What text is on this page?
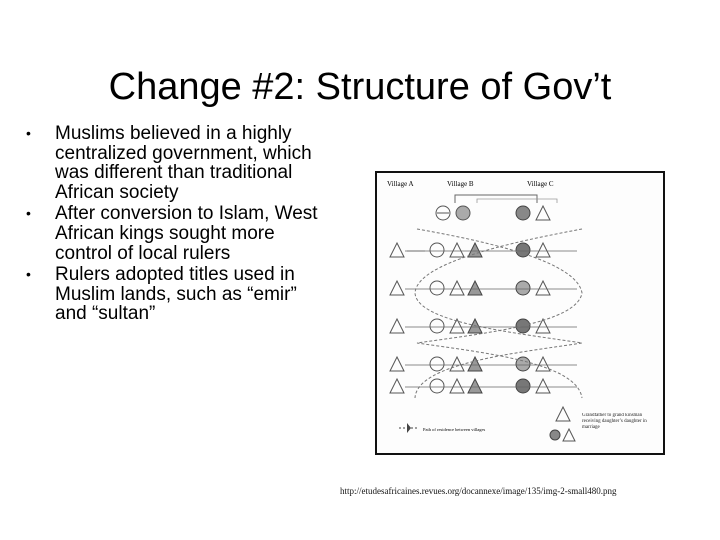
Change #2: Structure of Gov’t
• Muslims believed in a highly centralized government, which was different than traditional African society
• After conversion to Islam, West African kings sought more control of local rulers
• Rulers adopted titles used in Muslim lands, such as “emir” and “sultan”
Village A	Village B	Village C
Path of residence between villages
Grandfather to grand kinsman receiving daughter’s daughter in marriage
http://etudesafricaines.revues.org/docannexe/image/135/img-2-small480.png
